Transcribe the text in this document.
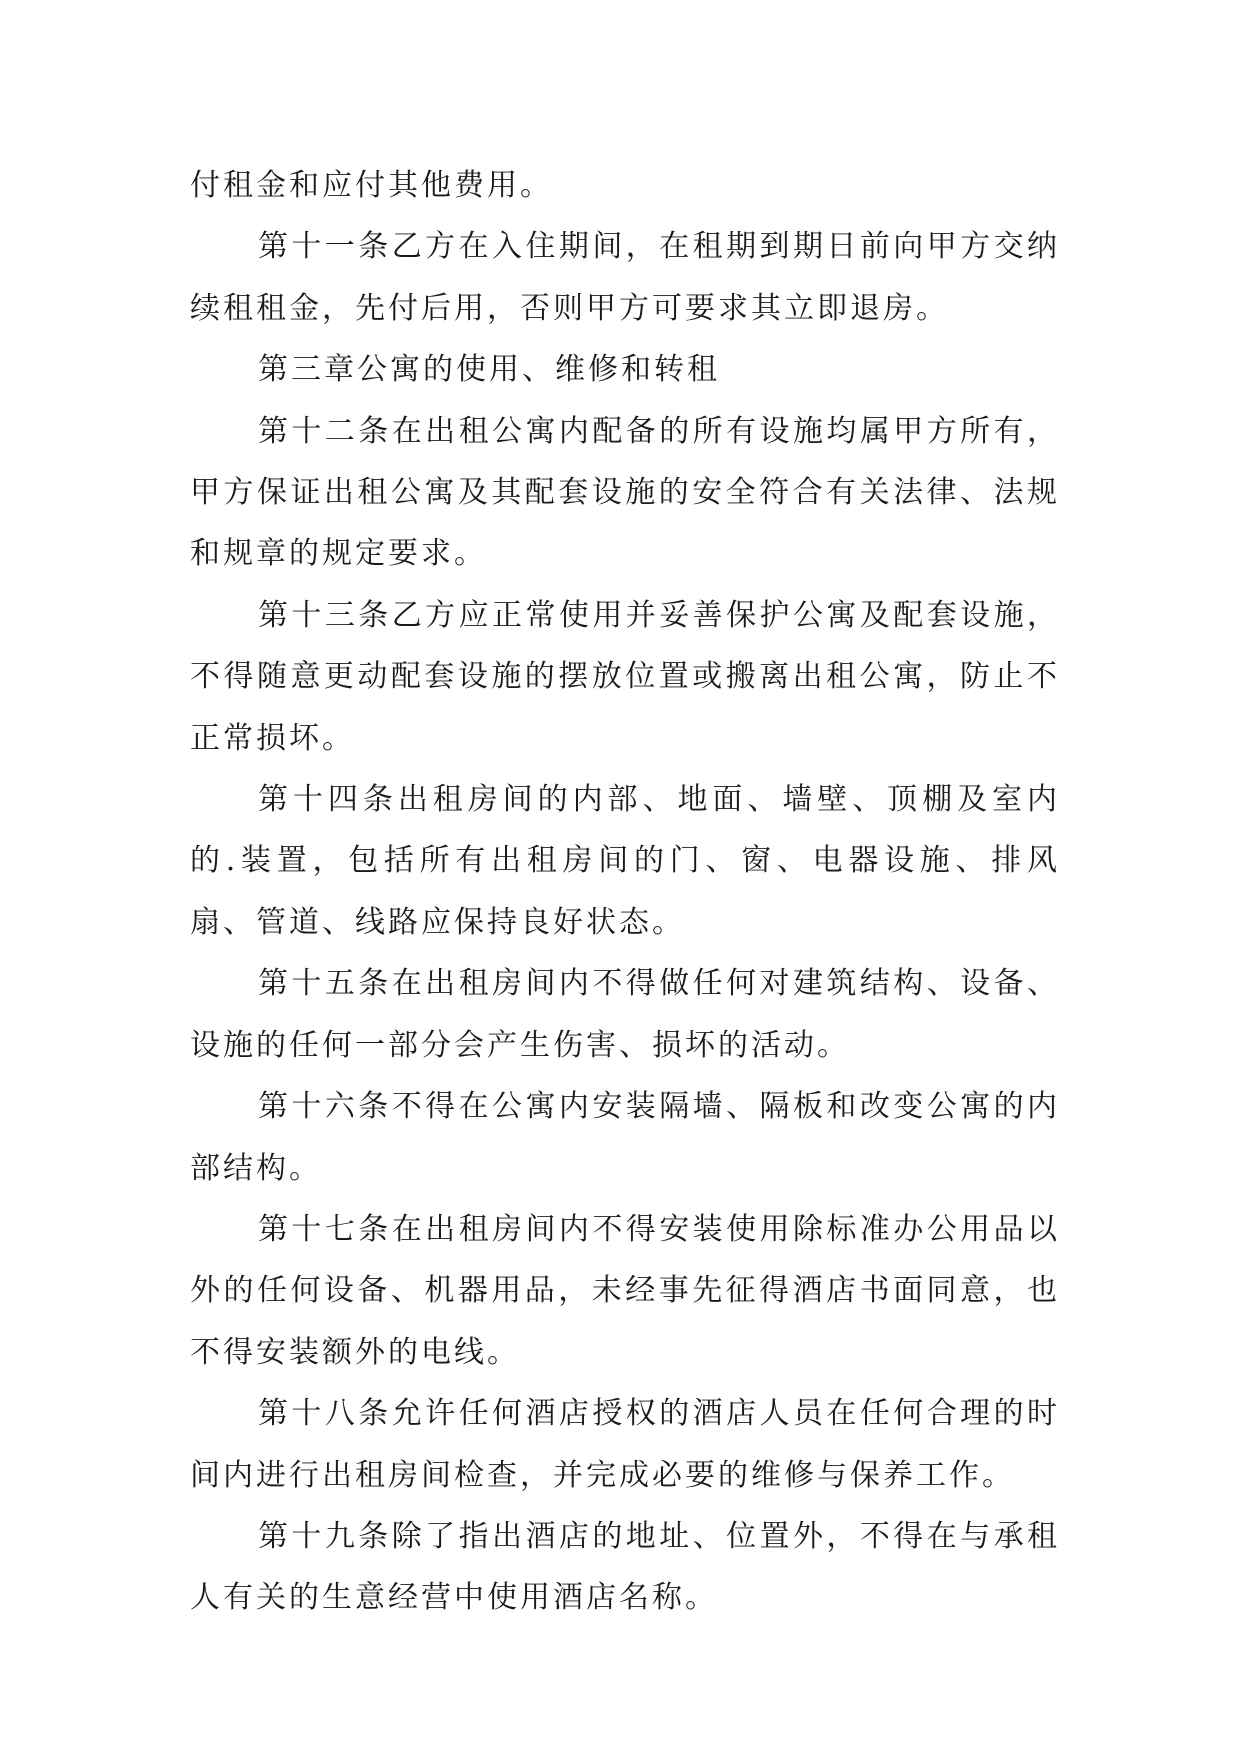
付租金和应付其他费用。

第十一条乙方在入住期间，在租期到期日前向甲方交纳续租租金，先付后用，否则甲方可要求其立即退房。

第三章公寓的使用、维修和转租

第十二条在出租公寓内配备的所有设施均属甲方所有，甲方保证出租公寓及其配套设施的安全符合有关法律、法规和规章的规定要求。

第十三条乙方应正常使用并妥善保护公寓及配套设施，不得随意更动配套设施的摆放位置或搬离出租公寓，防止不正常损坏。

第十四条出租房间的内部、地面、墙壁、顶棚及室内的.装置，包括所有出租房间的门、窗、电器设施、排风扇、管道、线路应保持良好状态。

第十五条在出租房间内不得做任何对建筑结构、设备、设施的任何一部分会产生伤害、损坏的活动。

第十六条不得在公寓内安装隔墙、隔板和改变公寓的内部结构。

第十七条在出租房间内不得安装使用除标准办公用品以外的任何设备、机器用品，未经事先征得酒店书面同意，也不得安装额外的电线。

第十八条允许任何酒店授权的酒店人员在任何合理的时间内进行出租房间检查，并完成必要的维修与保养工作。

第十九条除了指出酒店的地址、位置外，不得在与承租人有关的生意经营中使用酒店名称。
